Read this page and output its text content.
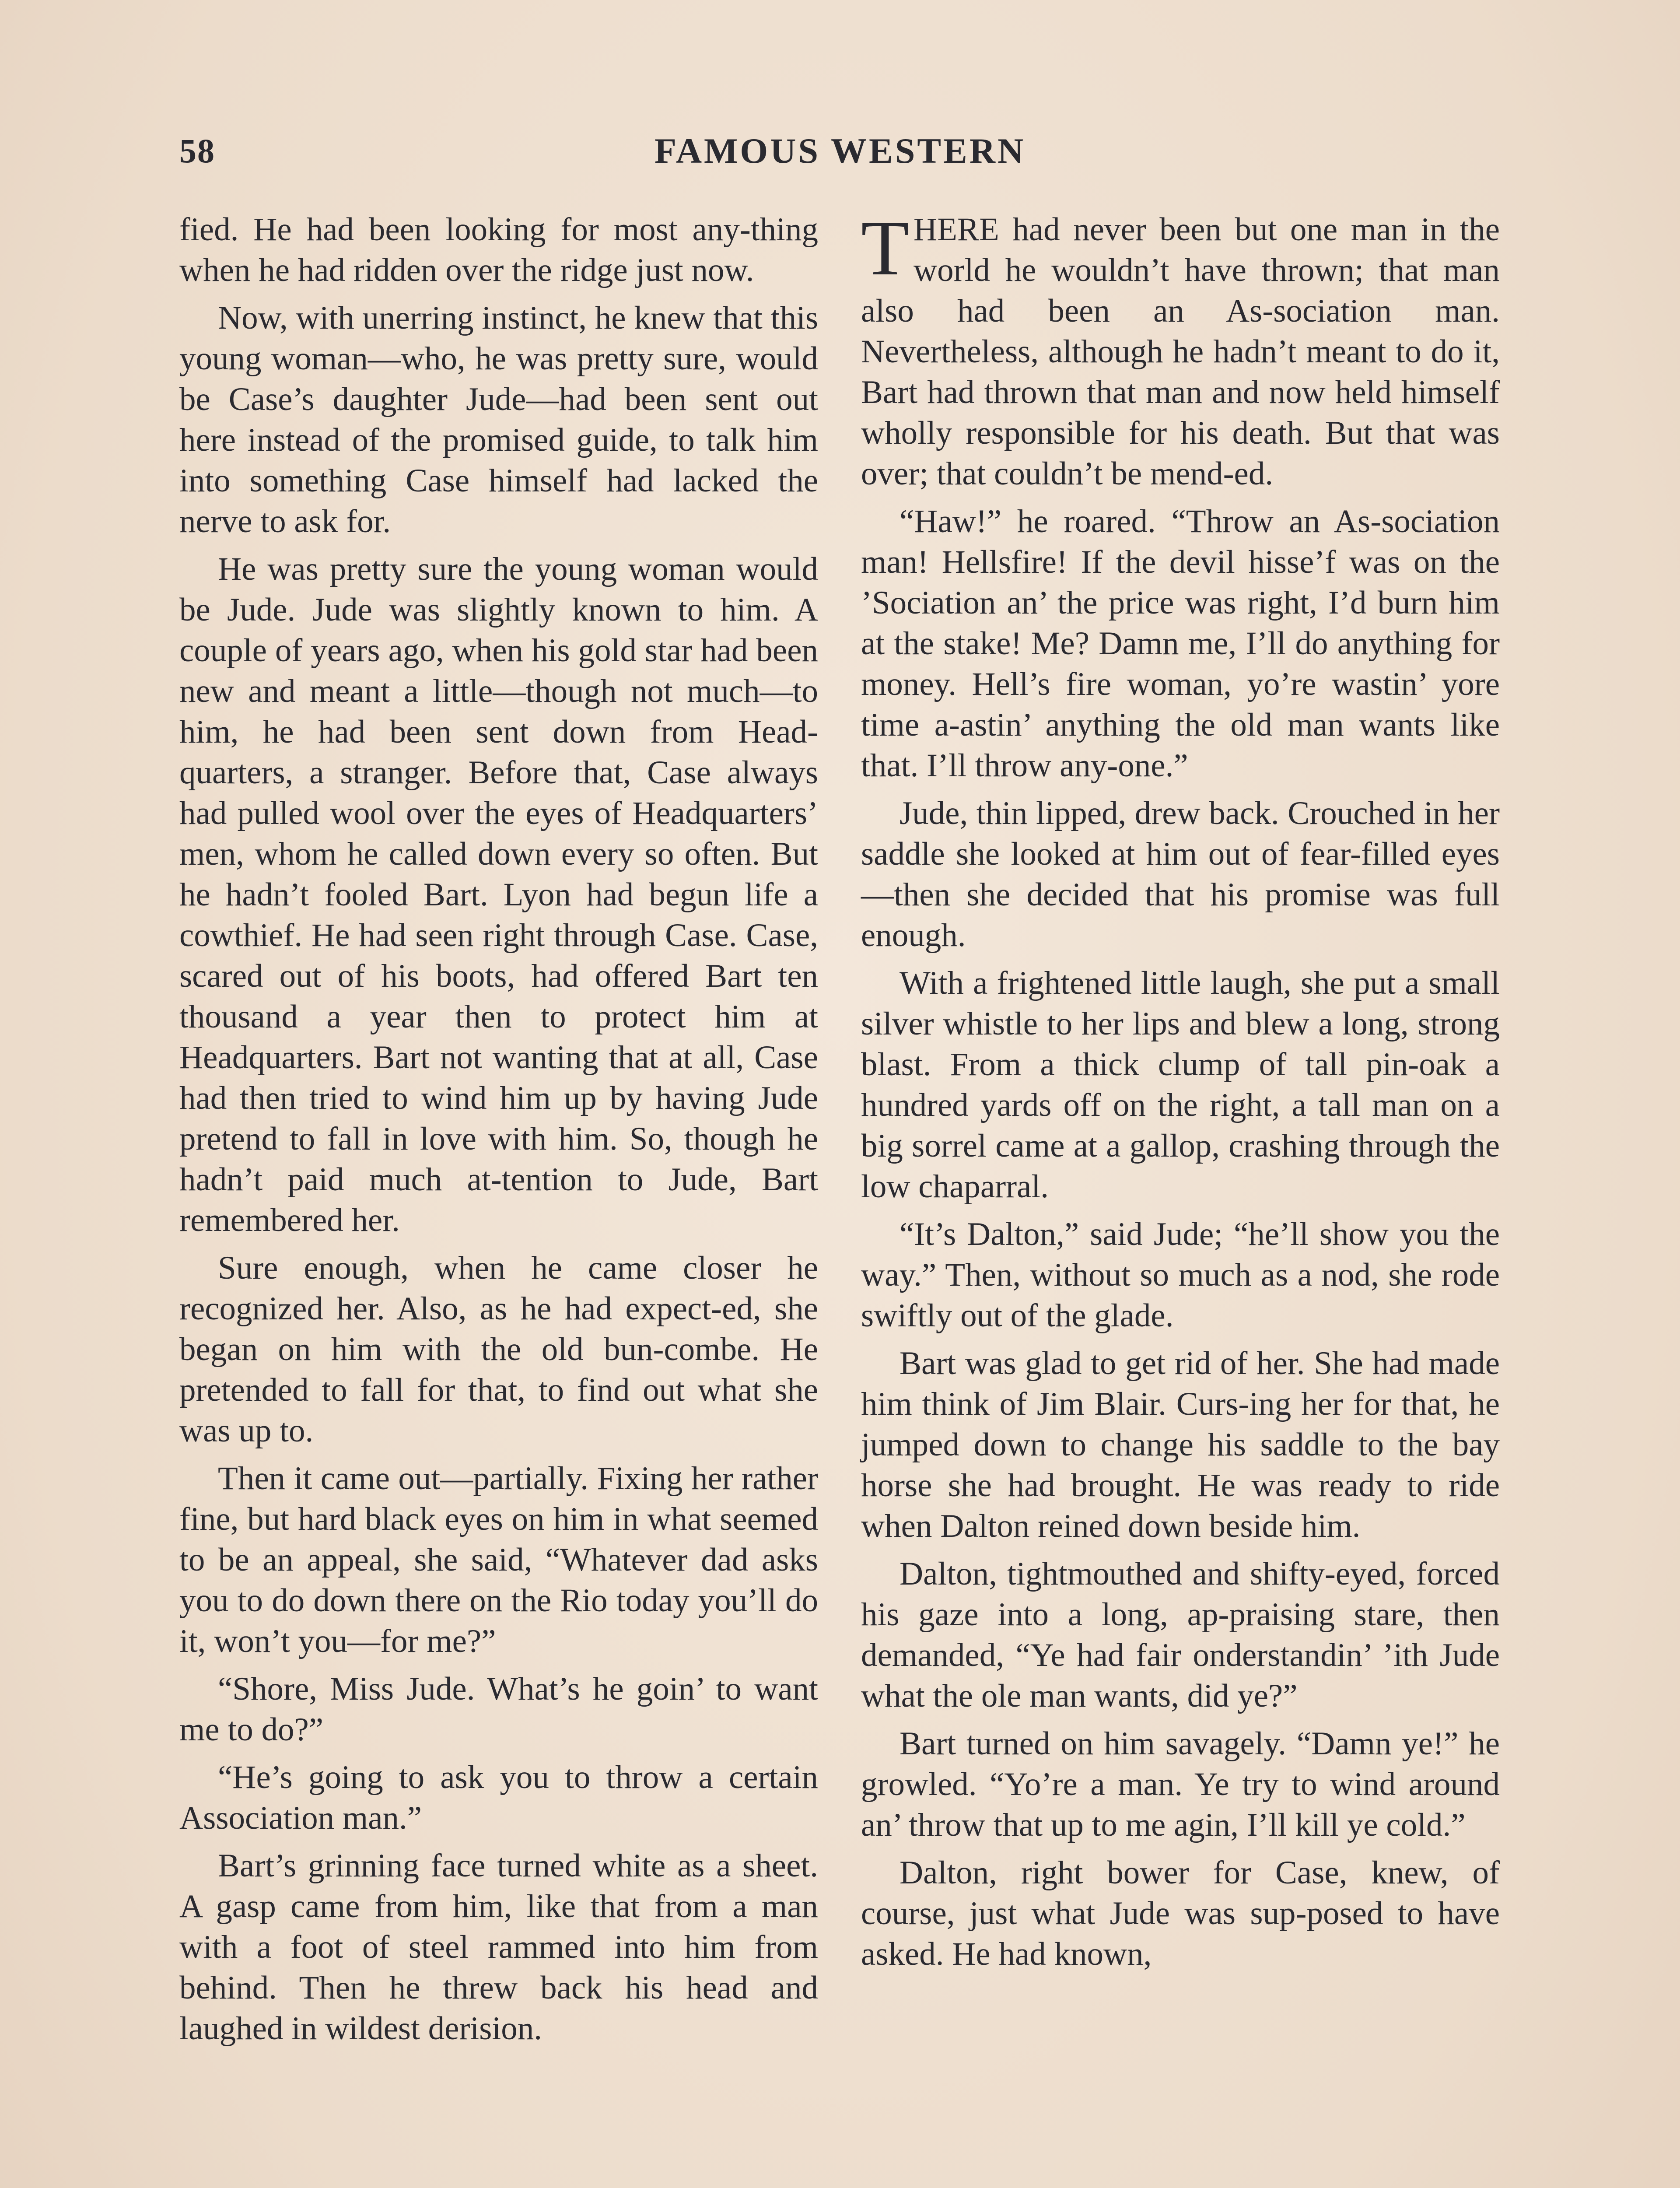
58	FAMOUS WESTERN

fied. He had been looking for most any-thing when he had ridden over the ridge just now.

Now, with unerring instinct, he knew that this young woman—who, he was pretty sure, would be Case’s daughter Jude—had been sent out here instead of the promised guide, to talk him into something Case himself had lacked the nerve to ask for.

He was pretty sure the young woman would be Jude. Jude was slightly known to him. A couple of years ago, when his gold star had been new and meant a little—though not much—to him, he had been sent down from Head-quarters, a stranger. Before that, Case always had pulled wool over the eyes of Headquarters’ men, whom he called down every so often. But he hadn’t fooled Bart. Lyon had begun life a cowthief. He had seen right through Case. Case, scared out of his boots, had offered Bart ten thousand a year then to protect him at Headquarters. Bart not wanting that at all, Case had then tried to wind him up by having Jude pretend to fall in love with him. So, though he hadn’t paid much at-tention to Jude, Bart remembered her.

Sure enough, when he came closer he recognized her. Also, as he had expect-ed, she began on him with the old bun-combe. He pretended to fall for that, to find out what she was up to.

Then it came out—partially. Fixing her rather fine, but hard black eyes on him in what seemed to be an appeal, she said, “Whatever dad asks you to do down there on the Rio today you’ll do it, won’t you—for me?”

“Shore, Miss Jude. What’s he goin’ to want me to do?”

“He’s going to ask you to throw a certain Association man.”

Bart’s grinning face turned white as a sheet. A gasp came from him, like that from a man with a foot of steel rammed into him from behind. Then he threw back his head and laughed in wildest derision.

THERE had never been but one man in the world he wouldn’t have thrown; that man also had been an As-sociation man. Nevertheless, although he hadn’t meant to do it, Bart had thrown that man and now held himself wholly responsible for his death. But that was over; that couldn’t be mend-ed.

“Haw!” he roared. “Throw an As-sociation man! Hellsfire! If the devil hisse’f was on the ’Sociation an’ the price was right, I’d burn him at the stake! Me? Damn me, I’ll do anything for money. Hell’s fire woman, yo’re wastin’ yore time a-astin’ anything the old man wants like that. I’ll throw any-one.”

Jude, thin lipped, drew back. Crouched in her saddle she looked at him out of fear-filled eyes—then she decided that his promise was full enough.

With a frightened little laugh, she put a small silver whistle to her lips and blew a long, strong blast. From a thick clump of tall pin-oak a hundred yards off on the right, a tall man on a big sorrel came at a gallop, crashing through the low chaparral.

“It’s Dalton,” said Jude; “he’ll show you the way.” Then, without so much as a nod, she rode swiftly out of the glade.

Bart was glad to get rid of her. She had made him think of Jim Blair. Curs-ing her for that, he jumped down to change his saddle to the bay horse she had brought. He was ready to ride when Dalton reined down beside him.

Dalton, tightmouthed and shifty-eyed, forced his gaze into a long, ap-praising stare, then demanded, “Ye had fair onderstandin’ ’ith Jude what the ole man wants, did ye?”

Bart turned on him savagely. “Damn ye!” he growled. “Yo’re a man. Ye try to wind around an’ throw that up to me agin, I’ll kill ye cold.”

Dalton, right bower for Case, knew, of course, just what Jude was sup-posed to have asked. He had known,
